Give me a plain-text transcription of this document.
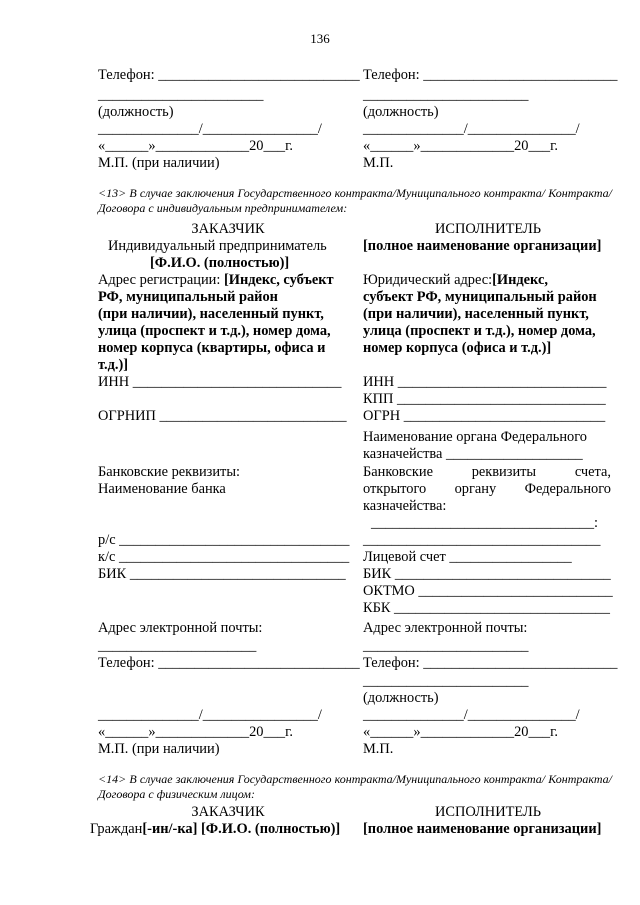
136
Телефон: ____________________________
_______________________
(должность)
______________/________________/
«______»_____________20___г.
М.П. (при наличии)
Телефон: ___________________________
_______________________
(должность)
______________/_______________/
«______»_____________20___г.
М.П.
<13> В случае заключения Государственного контракта/Муниципального контракта/ Контракта/Договора с индивидуальным предпринимателем:
ЗАКАЗЧИК	ИСПОЛНИТЕЛЬ
Индивидуальный предприниматель
[Ф.И.О. (полностью)]
Адрес регистрации: [Индекс, субъект
РФ, муниципальный район
(при наличии), населенный пункт,
улица (проспект и т.д.), номер дома,
номер корпуса (квартиры, офиса и
т.д.)]
ИНН _____________________________
ОГРНИП __________________________
Банковские реквизиты:
Наименование банка
р/с ________________________________
к/с ________________________________
БИК ______________________________
Адрес электронной почты:
______________________
Телефон: ____________________________
______________/________________/
«______»_____________20___г.
М.П. (при наличии)
[полное наименование организации]
Юридический адрес:[Индекс,
субъект РФ, муниципальный район
(при наличии), населенный пункт,
улица (проспект и т.д.), номер дома,
номер корпуса (офиса и т.д.)]
ИНН _____________________________
КПП _____________________________
ОГРН ____________________________
Наименование органа Федерального
казначейства ___________________
Банковские реквизиты счета,
открытого органу Федерального
казначейства:
_______________________________:
_________________________________
Лицевой счет _________________
БИК ______________________________
ОКТМО ___________________________
КБК ______________________________
Адрес электронной почты:
_______________________
Телефон: ___________________________
_______________________
(должность)
______________/_______________/
«______»_____________20___г.
М.П.
<14> В случае заключения Государственного контракта/Муниципального контракта/ Контракта/Договора с физическим лицом:
ЗАКАЗЧИК	ИСПОЛНИТЕЛЬ
Граждан[-ин/-ка] [Ф.И.О. (полностью)] [полное наименование организации]
